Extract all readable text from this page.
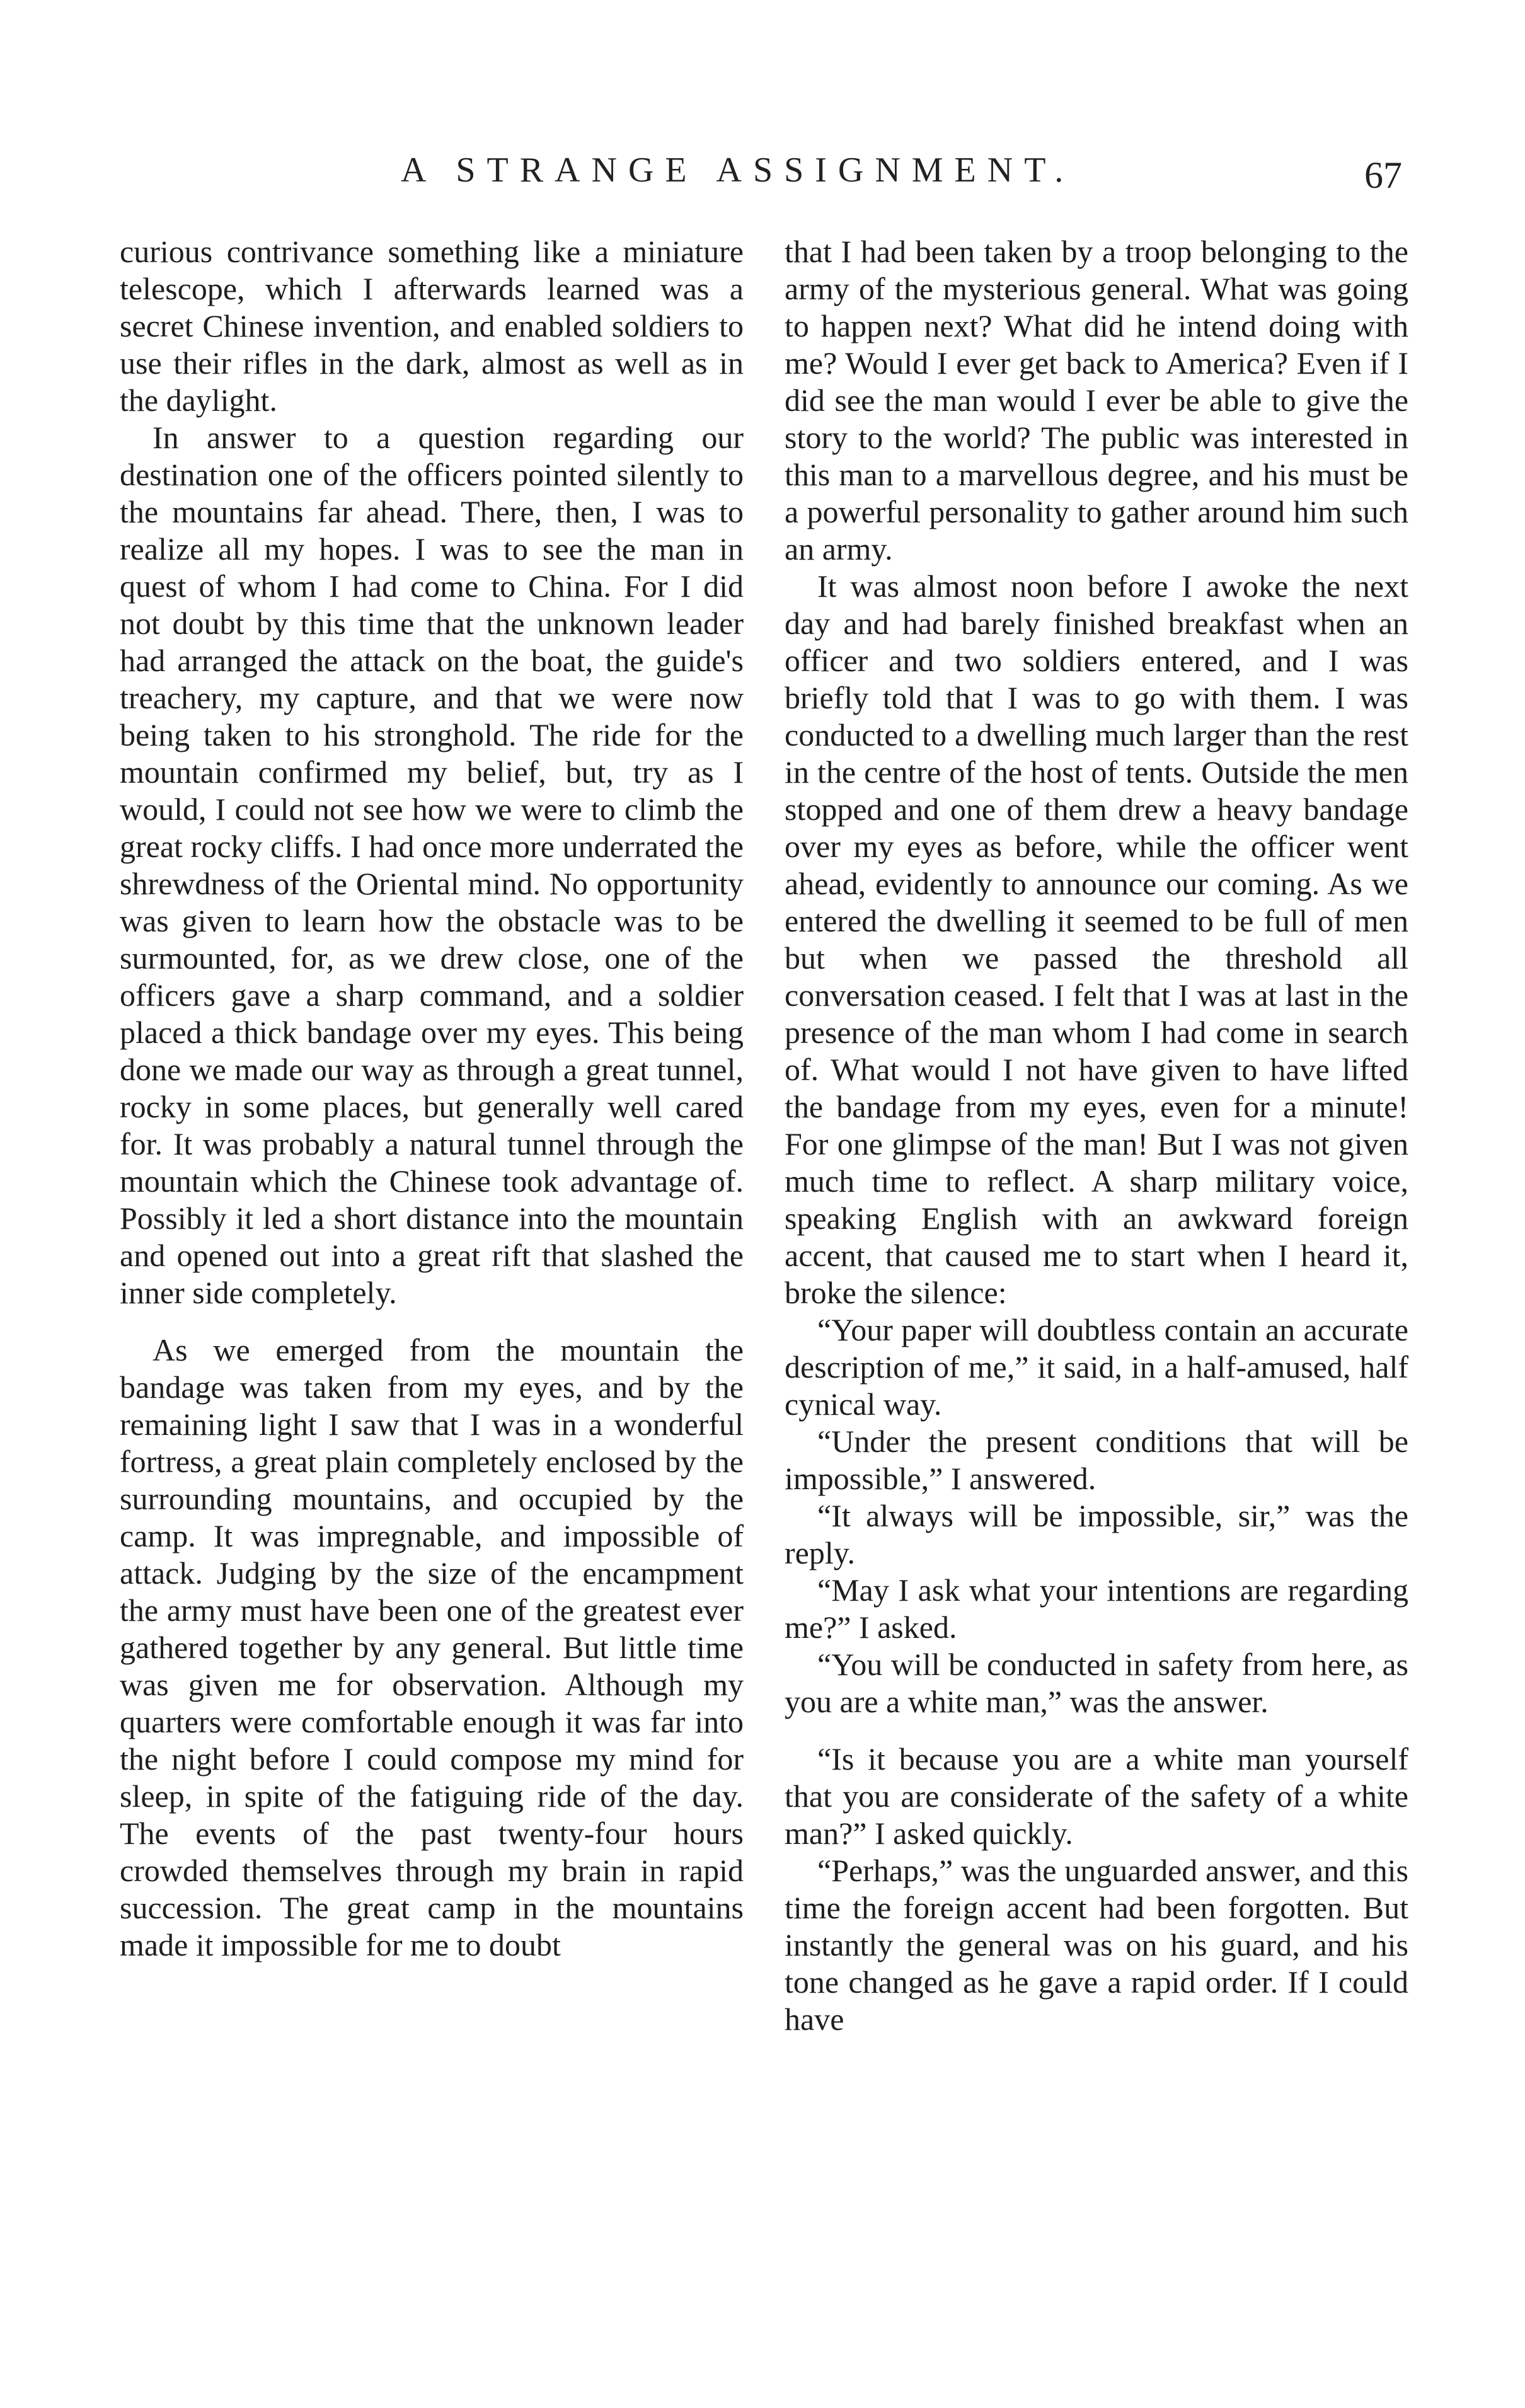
A STRANGE ASSIGNMENT.	67

curious contrivance something like a miniature telescope, which I afterwards learned was a secret Chinese invention, and enabled soldiers to use their rifles in the dark, almost as well as in the daylight.

In answer to a question regarding our destination one of the officers pointed silently to the mountains far ahead. There, then, I was to realize all my hopes. I was to see the man in quest of whom I had come to China. For I did not doubt by this time that the unknown leader had arranged the attack on the boat, the guide's treachery, my capture, and that we were now being taken to his stronghold. The ride for the mountain confirmed my belief, but, try as I would, I could not see how we were to climb the great rocky cliffs. I had once more underrated the shrewdness of the Oriental mind. No opportunity was given to learn how the obstacle was to be surmounted, for, as we drew close, one of the officers gave a sharp command, and a soldier placed a thick bandage over my eyes. This being done we made our way as through a great tunnel, rocky in some places, but generally well cared for. It was probably a natural tunnel through the mountain which the Chinese took advantage of. Possibly it led a short distance into the mountain and opened out into a great rift that slashed the inner side completely.

As we emerged from the mountain the bandage was taken from my eyes, and by the remaining light I saw that I was in a wonderful fortress, a great plain completely enclosed by the surrounding mountains, and occupied by the camp. It was impregnable, and impossible of attack. Judging by the size of the encampment the army must have been one of the greatest ever gathered together by any general. But little time was given me for observation. Although my quarters were comfortable enough it was far into the night before I could compose my mind for sleep, in spite of the fatiguing ride of the day. The events of the past twenty-four hours crowded themselves through my brain in rapid succession. The great camp in the mountains made it impossible for me to doubt

that I had been taken by a troop belonging to the army of the mysterious general. What was going to happen next? What did he intend doing with me? Would I ever get back to America? Even if I did see the man would I ever be able to give the story to the world? The public was interested in this man to a marvellous degree, and his must be a powerful personality to gather around him such an army.

It was almost noon before I awoke the next day and had barely finished breakfast when an officer and two soldiers entered, and I was briefly told that I was to go with them. I was conducted to a dwelling much larger than the rest in the centre of the host of tents. Outside the men stopped and one of them drew a heavy bandage over my eyes as before, while the officer went ahead, evidently to announce our coming. As we entered the dwelling it seemed to be full of men but when we passed the threshold all conversation ceased. I felt that I was at last in the presence of the man whom I had come in search of. What would I not have given to have lifted the bandage from my eyes, even for a minute! For one glimpse of the man! But I was not given much time to reflect. A sharp military voice, speaking English with an awkward foreign accent, that caused me to start when I heard it, broke the silence:

“Your paper will doubtless contain an accurate description of me,” it said, in a half-amused, half cynical way.

“Under the present conditions that will be impossible,” I answered.

“It always will be impossible, sir,” was the reply.

“May I ask what your intentions are regarding me?” I asked.

“You will be conducted in safety from here, as you are a white man,” was the answer.

“Is it because you are a white man yourself that you are considerate of the safety of a white man?” I asked quickly.

“Perhaps,” was the unguarded answer, and this time the foreign accent had been forgotten. But instantly the general was on his guard, and his tone changed as he gave a rapid order. If I could have
